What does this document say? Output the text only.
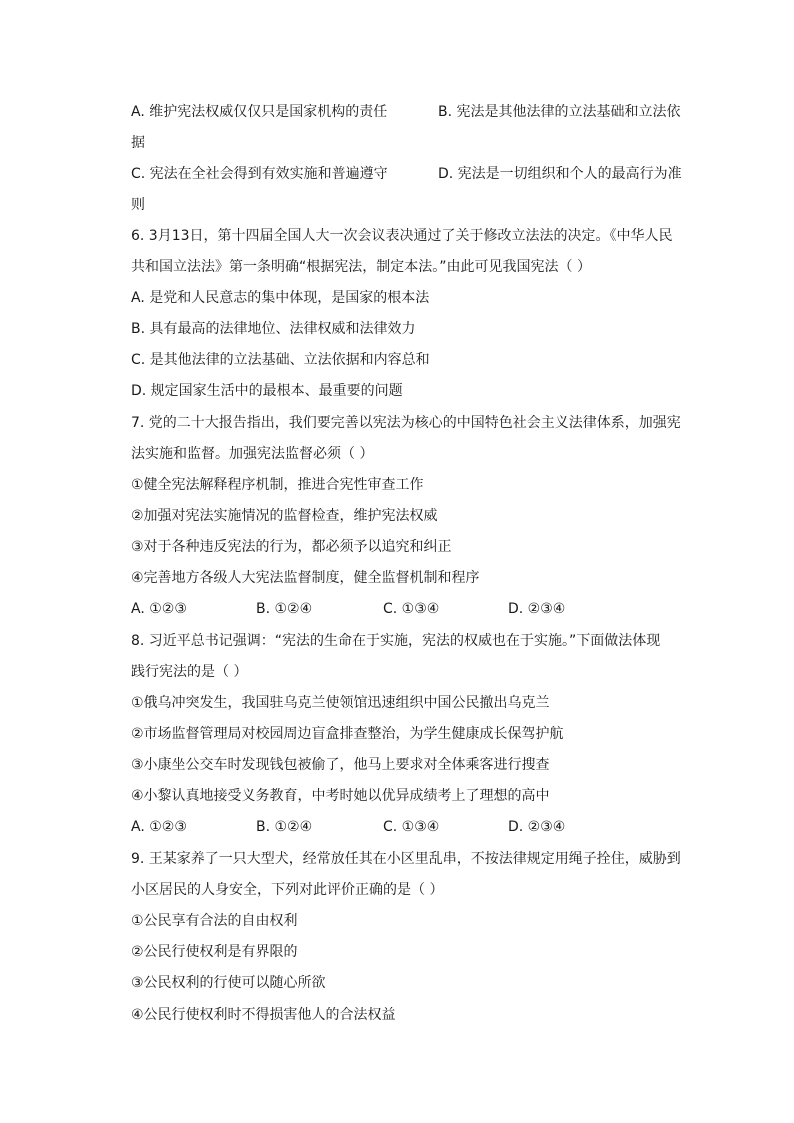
A. 维护宪法权威仅仅只是国家机构的责任	B. 宪法是其他法律的立法基础和立法依
据
C. 宪法在全社会得到有效实施和普遍遵守	D. 宪法是一切组织和个人的最高行为准
则
6. 3月13日，第十四届全国人大一次会议表决通过了关于修改立法法的决定。《中华人民
共和国立法法》第一条明确“根据宪法，制定本法。”由此可见我国宪法（ ）
A. 是党和人民意志的集中体现，是国家的根本法
B. 具有最高的法律地位、法律权威和法律效力
C. 是其他法律的立法基础、立法依据和内容总和
D. 规定国家生活中的最根本、最重要的问题
7. 党的二十大报告指出，我们要完善以宪法为核心的中国特色社会主义法律体系，加强宪
法实施和监督。加强宪法监督必须（ ）
①健全宪法解释程序机制，推进合宪性审查工作
②加强对宪法实施情况的监督检查，维护宪法权威
③对于各种违反宪法的行为，都必须予以追究和纠正
④完善地方各级人大宪法监督制度，健全监督机制和程序
A. ①②③	B. ①②④	C. ①③④	D. ②③④
8. 习近平总书记强调：“宪法的生命在于实施，宪法的权威也在于实施。”下面做法体现
践行宪法的是（ ）
①俄乌冲突发生，我国驻乌克兰使领馆迅速组织中国公民撤出乌克兰
②市场监督管理局对校园周边盲盒排查整治，为学生健康成长保驾护航
③小康坐公交车时发现钱包被偷了，他马上要求对全体乘客进行搜查
④小黎认真地接受义务教育，中考时她以优异成绩考上了理想的高中
A. ①②③	B. ①②④	C. ①③④	D. ②③④
9. 王某家养了一只大型犬，经常放任其在小区里乱串，不按法律规定用绳子拴住，威胁到
小区居民的人身安全，下列对此评价正确的是（ ）
①公民享有合法的自由权利
②公民行使权利是有界限的
③公民权利的行使可以随心所欲
④公民行使权利时不得损害他人的合法权益
